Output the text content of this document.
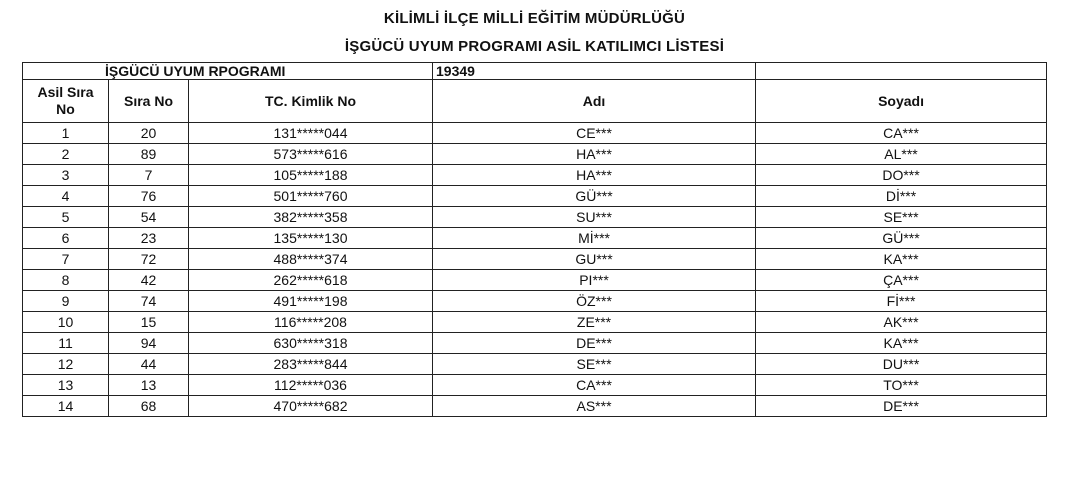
KİLİMLİ İLÇE MİLLİ EĞİTİM MÜDÜRLÜĞÜ
İŞGÜCÜ UYUM PROGRAMI ASİL KATILIMCI LİSTESİ
İŞGÜCÜ UYUM RPOGRAMI			19349	

Asil Sıra
No	Sıra No	TC. Kimlik No	Adı	Soyadı
1	20	131*****044	CE***	CA***
2	89	573*****616	HA***	AL***
3	7	105*****188	HA***	DO***
4	76	501*****760	GÜ***	Dİ***
5	54	382*****358	SU***	SE***
6	23	135*****130	Mİ***	GÜ***
7	72	488*****374	GU***	KA***
8	42	262*****618	PI***	ÇA***
9	74	491*****198	ÖZ***	Fİ***
10	15	116*****208	ZE***	AK***
11	94	630*****318	DE***	KA***
12	44	283*****844	SE***	DU***
13	13	112*****036	CA***	TO***
14	68	470*****682	AS***	DE***
